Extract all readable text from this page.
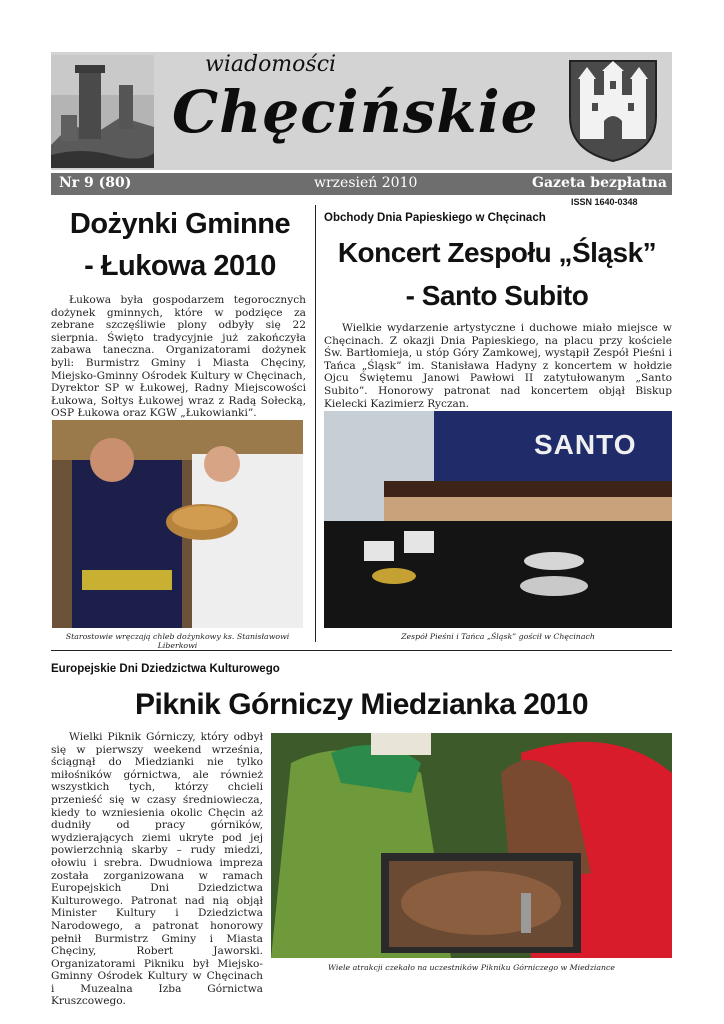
wiadomości
Chęcińskie
Nr 9 (80)	wrzesień 2010	Gazeta bezpłatna
ISSN 1640-0348
Dożynki Gminne
- Łukowa 2010

Łukowa była gospodarzem tegorocznych dożynek gminnych, które w podzięce za zebrane szczęśliwie plony odbyły się 22 sierpnia. Święto tradycyjnie już zakończyła zabawa taneczna. Organizatorami dożynek byli: Burmistrz Gminy i Miasta Chęciny, Miejsko-Gminny Ośrodek Kultury w Chęcinach, Dyrektor SP w Łukowej, Radny Miejscowości Łukowa, Sołtys Łukowej wraz z Radą Sołecką, OSP Łukowa oraz KGW „Łukowianki”.

Starostowie wręczają chleb dożynkowy ks. Stanisławowi Liberkowi
Obchody Dnia Papieskiego w Chęcinach
Koncert Zespołu „Śląsk”
- Santo Subito

Wielkie wydarzenie artystyczne i duchowe miało miejsce w Chęcinach. Z okazji Dnia Papieskiego, na placu przy kościele Św. Bartłomieja, u stóp Góry Zamkowej, wystąpił Zespół Pieśni i Tańca „Śląsk” im. Stanisława Hadyny z koncertem w hołdzie Ojcu Świętemu Janowi Pawłowi II zatytułowanym „Santo Subito”. Honorowy patronat nad koncertem objął Biskup Kielecki Kazimierz Ryczan.

SANTO
Zespół Pieśni i Tańca „Śląsk” gościł w Chęcinach
Europejskie Dni Dziedzictwa Kulturowego
Piknik Górniczy Miedzianka 2010

Wielki Piknik Górniczy, który odbył się w pierwszy weekend września, ściągnął do Miedzianki nie tylko miłośników górnictwa, ale również wszystkich tych, którzy chcieli przenieść się w czasy średniowiecza, kiedy to wzniesienia okolic Chęcin aż dudniły od pracy górników, wydzierających ziemi ukryte pod jej powierzchnią skarby – rudy miedzi, ołowiu i srebra. Dwudniowa impreza została zorganizowana w ramach Europejskich Dni Dziedzictwa Kulturowego. Patronat nad nią objął Minister Kultury i Dziedzictwa Narodowego, a patronat honorowy pełnił Burmistrz Gminy i Miasta Chęciny, Robert Jaworski. Organizatorami Pikniku był Miejsko-Gminny Ośrodek Kultury w Chęcinach i Muzealna Izba Górnictwa Kruszcowego.

Wiele atrakcji czekało na uczestników Pikniku Górniczego w Miedziance
